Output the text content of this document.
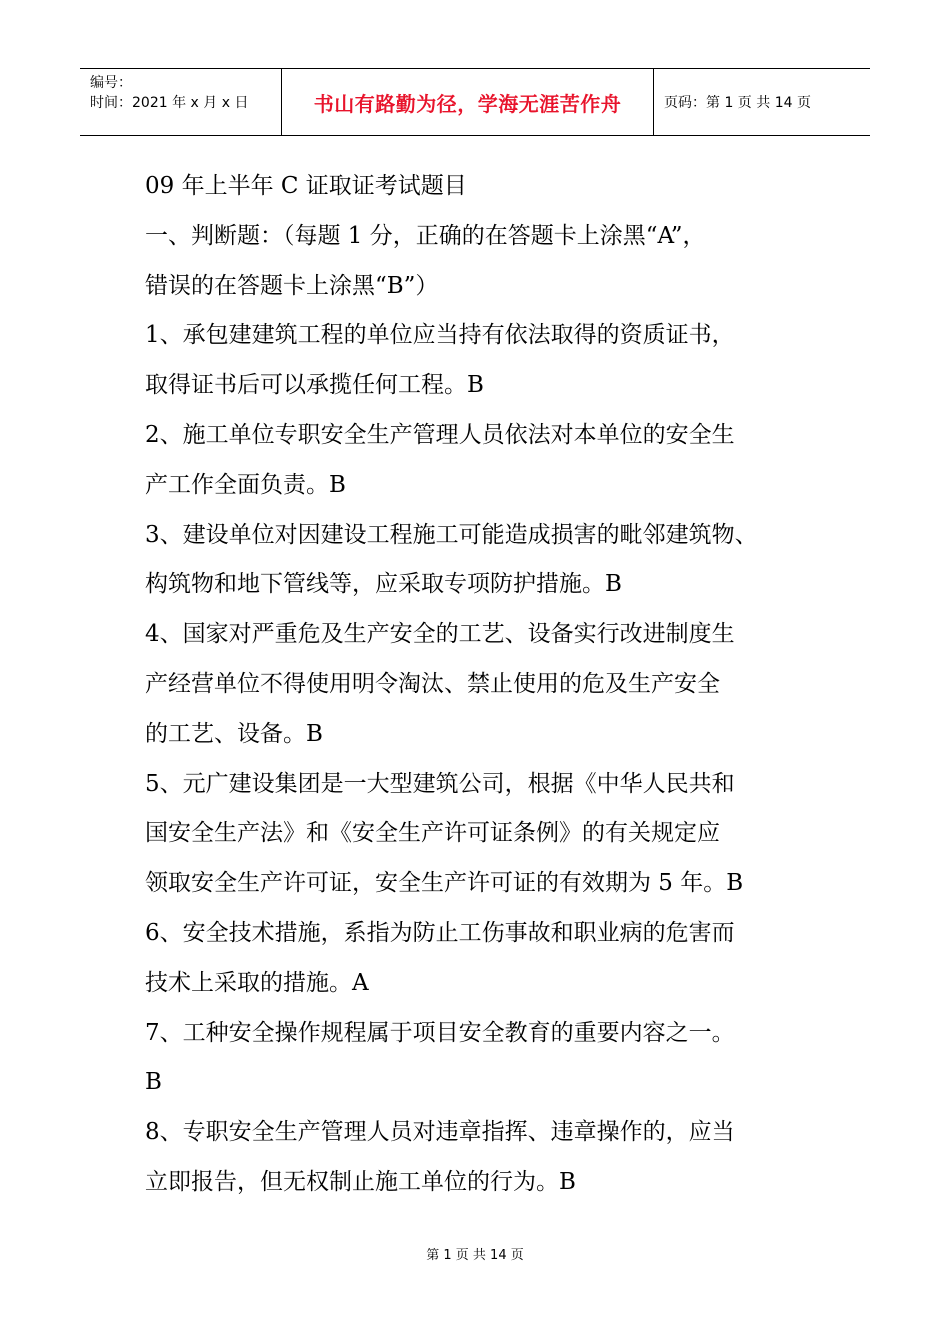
编号：
时间：2021 年 x 月 x 日	书山有路勤为径，学海无涯苦作舟	页码：第 1 页 共 14 页
09 年上半年 C 证取证考试题目
一、判断题：（每题 1 分，正确的在答题卡上涂黑“A”，
错误的在答题卡上涂黑“B”）
1、承包建建筑工程的单位应当持有依法取得的资质证书，
取得证书后可以承揽任何工程。B
2、施工单位专职安全生产管理人员依法对本单位的安全生
产工作全面负责。B
3、建设单位对因建设工程施工可能造成损害的毗邻建筑物、
构筑物和地下管线等，应采取专项防护措施。B
4、国家对严重危及生产安全的工艺、设备实行改进制度生
产经营单位不得使用明令淘汰、禁止使用的危及生产安全
的工艺、设备。B
5、元广建设集团是一大型建筑公司，根据《中华人民共和
国安全生产法》和《安全生产许可证条例》的有关规定应
领取安全生产许可证，安全生产许可证的有效期为 5 年。B
6、安全技术措施，系指为防止工伤事故和职业病的危害而
技术上采取的措施。A
7、工种安全操作规程属于项目安全教育的重要内容之一。
B
8、专职安全生产管理人员对违章指挥、违章操作的，应当
立即报告，但无权制止施工单位的行为。B
第 1 页 共 14 页
